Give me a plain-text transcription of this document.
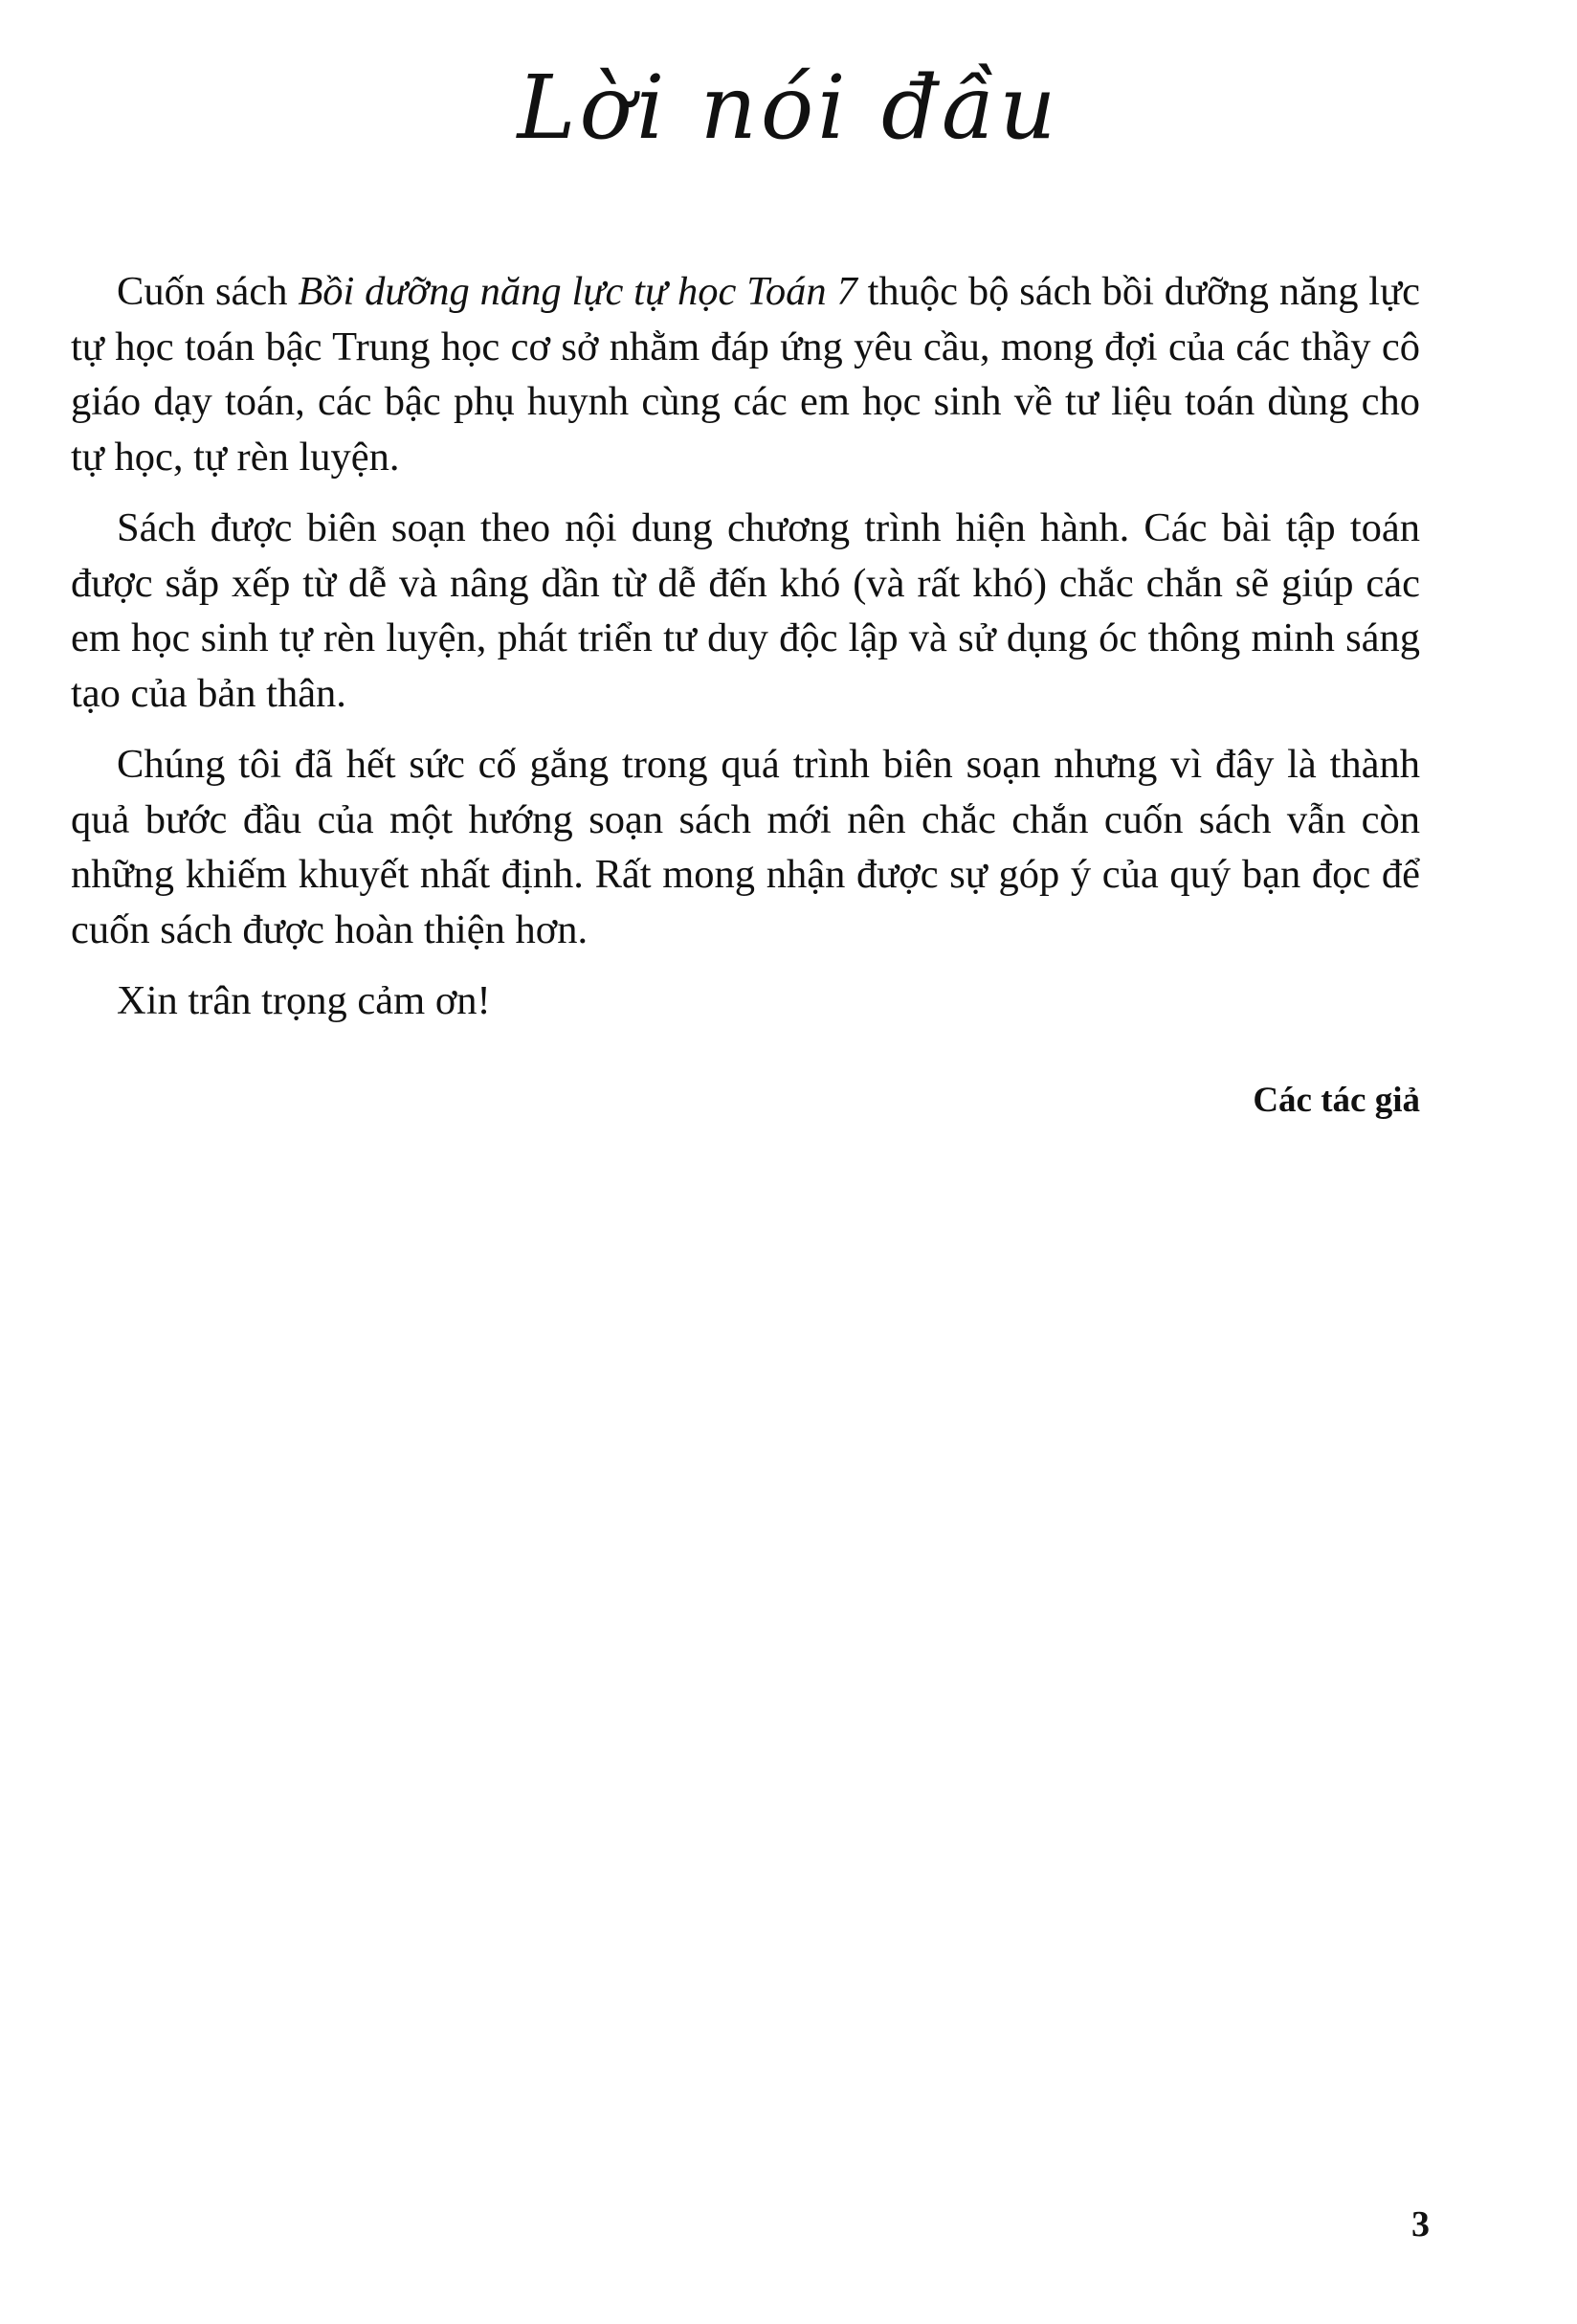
Lời nói đầu

Cuốn sách Bồi dưỡng năng lực tự học Toán 7 thuộc bộ sách bồi dưỡng năng lực tự học toán bậc Trung học cơ sở nhằm đáp ứng yêu cầu, mong đợi của các thầy cô giáo dạy toán, các bậc phụ huynh cùng các em học sinh về tư liệu toán dùng cho tự học, tự rèn luyện.

Sách được biên soạn theo nội dung chương trình hiện hành. Các bài tập toán được sắp xếp từ dễ và nâng dần từ dễ đến khó (và rất khó) chắc chắn sẽ giúp các em học sinh tự rèn luyện, phát triển tư duy độc lập và sử dụng óc thông minh sáng tạo của bản thân.

Chúng tôi đã hết sức cố gắng trong quá trình biên soạn nhưng vì đây là thành quả bước đầu của một hướng soạn sách mới nên chắc chắn cuốn sách vẫn còn những khiếm khuyết nhất định. Rất mong nhận được sự góp ý của quý bạn đọc để cuốn sách được hoàn thiện hơn.

Xin trân trọng cảm ơn!

Các tác giả
3
